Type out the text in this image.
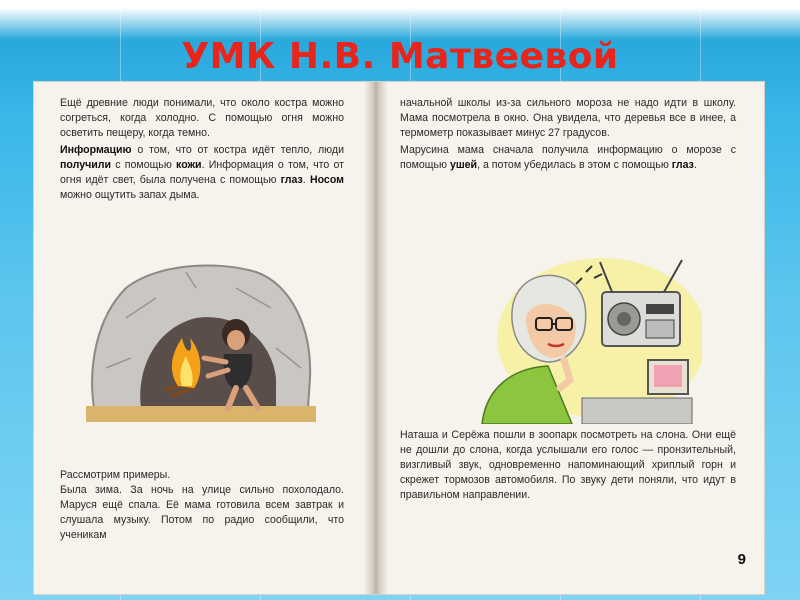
УМК Н.В. Матвеевой

Ещё древние люди понимали, что около костра можно согреться, когда холодно. С помощью огня можно осветить пещеру, когда темно.

Информацию о том, что от костра идёт тепло, люди получили с помощью кожи. Информация о том, что от огня идёт свет, была получена с помощью глаз. Носом можно ощутить запах дыма.

Рассмотрим примеры.

Была зима. За ночь на улице сильно похолодало. Маруся ещё спала. Её мама готовила всем завтрак и слушала музыку. Потом по радио сообщили, что ученикам

начальной школы из-за сильного мороза не надо идти в школу. Мама посмотрела в окно. Она увидела, что деревья все в инее, а термометр показывает минус 27 градусов.

Марусина мама сначала получила информацию о морозе с помощью ушей, а потом убедилась в этом с помощью глаз.

Наташа и Серёжа пошли в зоопарк посмотреть на слона. Они ещё не дошли до слона, когда услышали его голос — пронзительный, визгливый звук, одновременно напоминающий хриплый горн и скрежет тормозов автомобиля. По звуку дети поняли, что идут в правильном направлении.

9
